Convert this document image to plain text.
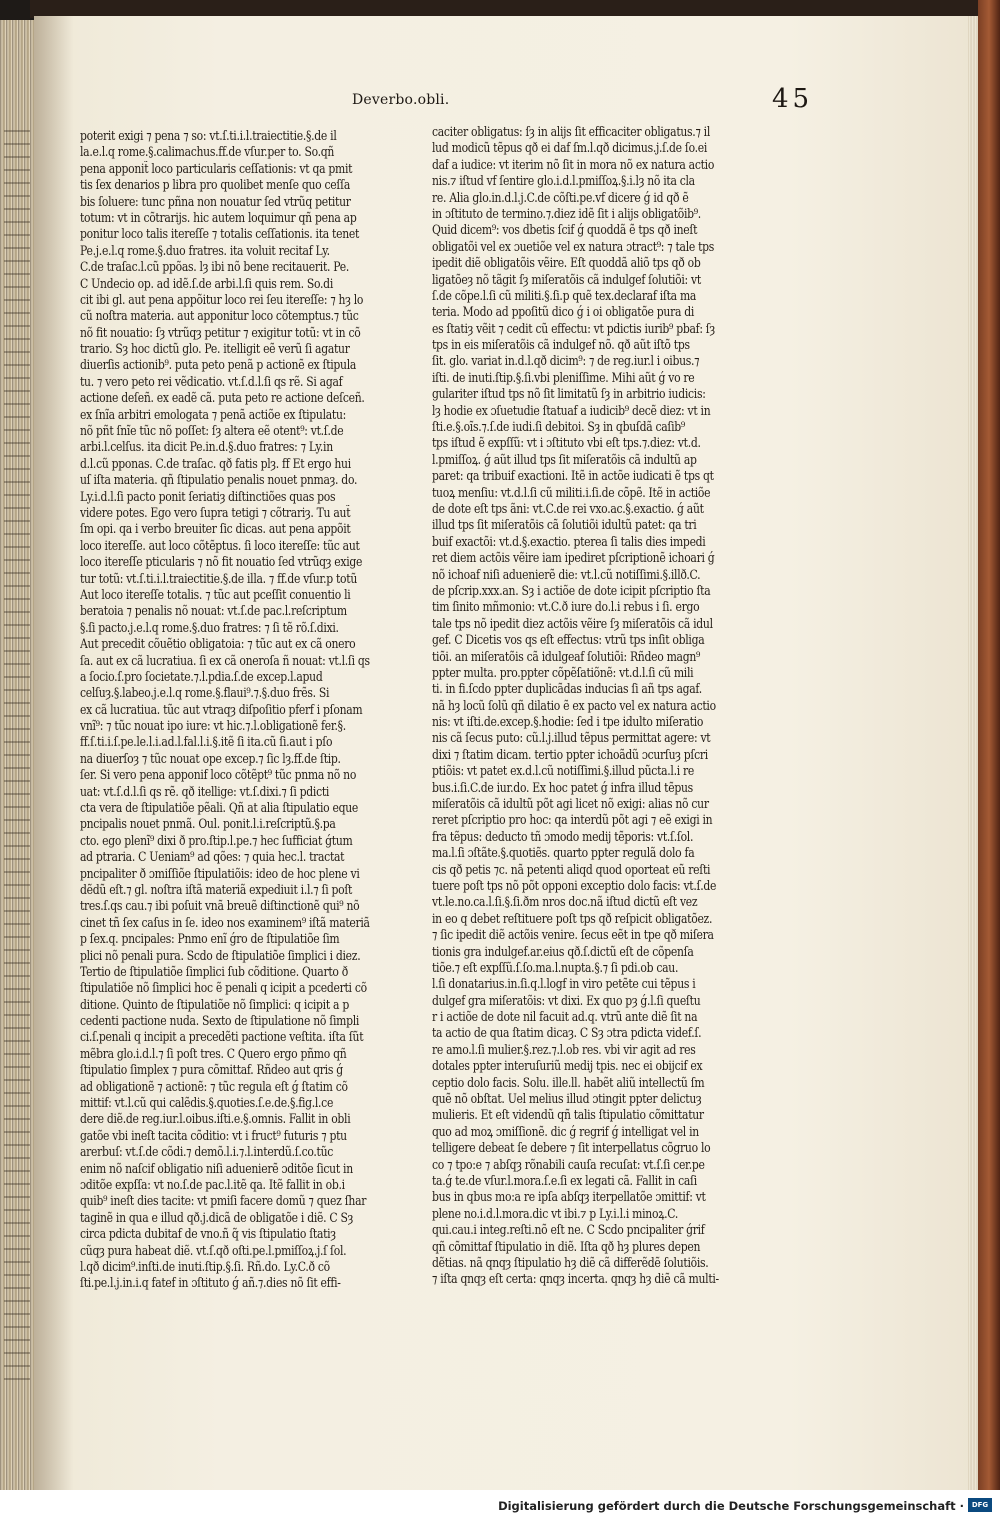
Deverbo.obli.	45
poterit exigi ⁊ pena ⁊ so: vt.ſ.ti.i.l.traiectitie.§.de il
la.e.l.q rome.§.calimachus.ff.de vſur.per to. So.qñ
pena apponit̃ loco particularis ceſſationis: vt qa pmit
tis ſex denarios p libra pro quolibet menſe quo ceſſa
bis ſoluere: tunc pñna non nouatur ſed vtrũq petitur
totum: vt in cõtrarijs. hic autem loquimur qñ pena ap
ponitur loco talis itereſſe ⁊ totalis ceſſationis. ita tenet
Pe.j.e.l.q rome.§.duo fratres. ita voluit recitaf Ly.
C.de traſac.l.cũ ppõas. lȝ ibi nõ bene recitauerit. Pe.
C Undecio op. ad idẽ.ſ.de arbi.l.ſi quis rem. So.di
cit ibi gl. aut pena appõitur loco rei ſeu itereſſe: ⁊ hȝ lo
cũ noſtra materia. aut apponitur loco cõtemptus.⁊ tũc
nõ fit nouatio: ſȝ vtrũqȝ petitur ⁊ exigitur totũ: vt in cõ
trario. Sȝ hoc dictũ glo. Pe. itelligit eẽ verũ ſi agatur
diuerſis actionib⁹. puta peto penã p actionẽ ex ſtipula
tu. ⁊ vero peto rei vẽdicatio. vt.ſ.d.l.ſi qs rẽ. Si agaf
actione deſeñ. ex eadẽ cã. puta peto re actione deſceñ.
ex ſnĩa arbitri emologata ⁊ penã actiõe ex ſtipulatu:
nõ pñt ſnĩe tũc nõ poſſet: ſȝ altera eẽ otent⁹: vt.ſ.de
arbi.l.celſus. ita dicit Pe.in.d.§.duo fratres: ⁊ Ly.in
d.l.cũ pponas. C.de traſac. qð fatis plȝ. ff Et ergo hui
uſ iſta materia. qñ ſtipulatio penalis nouet pnmaȝ. do.
Ly.i.d.l.ſi pacto ponit ſeriatiȝ diſtinctiões quas pos
videre potes. Ego vero ſupra tetigi ⁊ cõtrariȝ. Tu aut̃
ſm opi. qa i verbo breuiter ſic dicas. aut pena appõit
loco itereſſe. aut loco cõtẽptus. ſi loco itereſſe: tũc aut
loco itereſſe pticularis ⁊ nõ fit nouatio ſed vtrũqȝ exige
tur totũ: vt.ſ.ti.i.l.traiectitie.§.de illa. ⁊ ff.de vſur.p totũ
Aut loco itereſſe totalis. ⁊ tũc aut pceſſit conuentio li
beratoia ⁊ penalis nõ nouat: vt.ſ.de pac.l.reſcriptum
§.ſi pacto.j.e.l.q rome.§.duo fratres: ⁊ ſi tẽ rõ.ſ.dixi.
Aut precedit cõuẽtio obligatoia: ⁊ tũc aut ex cã onero
ſa. aut ex cã lucratiua. ſi ex cã oneroſa ñ nouat: vt.l.ſi qs
a ſocio.ſ.pro ſocietate.⁊.l.pdia.ſ.de excep.l.apud
celſuȝ.§.labeo.j.e.l.q rome.§.flaui⁹.⁊.§.duo frẽs. Si
ex cã lucratiua. tũc aut vtraqȝ diſpoſitio pferf i pſonam
vnĩ⁹: ⁊ tũc nouat ipo iure: vt hic.⁊.l.obligationẽ fer.§.
ff.ſ.ti.i.ſ.pe.le.l.i.ad.l.fal.l.i.§.itẽ ſi ita.cũ ſi.aut i pſo
na diuerſoȝ ⁊ tũc nouat ope excep.⁊ ſic lȝ.ff.de ſtip.
ſer. Si vero pena apponif loco cõtẽpt⁹ tũc pnma nõ no
uat: vt.ſ.d.l.ſi qs rẽ. qð itellige: vt.ſ.dixi.⁊ ſi pdicti
cta vera de ſtipulatiõe pẽali. Qñ at alia ſtipulatio eque
pncipalis nouet pnmã. Oul. ponit.l.i.reſcriptũ.§.pa
cto. ego plenĩ⁹ dixi ð pro.ſtip.l.pe.⁊ hec ſufficiat ǵtum
ad ptraria. C Ueniam⁹ ad qões: ⁊ quia hec.l. tractat
pncipaliter ð ɔmiſſiõe ſtipulatiõis: ideo de hoc plene vi
dẽdũ eſt.⁊ gl. noſtra iſtã materiã expediuit i.l.⁊ ſi poſt
tres.ſ.qs cau.⁊ ibi poſuit vnã breuẽ diſtinctionẽ qui⁹ nõ
cinet tñ ſex caſus in ſe. ideo nos examinem⁹ iſtã materiã
p ſex.q. pncipales: Pnmo enĩ ǵro de ſtipulatiõe ſim
plici nõ penali pura. Scdo de ſtipulatiõe ſimplici i diez.
Tertio de ſtipulatiõe ſimplici ſub cõditione. Quarto ð
ſtipulatiõe nõ ſimplici hoc ẽ penali q icipit a pcederti cõ
ditione. Quinto de ſtipulatiõe nõ ſimplici: q icipit a p
cedenti pactione nuda. Sexto de ſtipulatione nõ ſimpli
ci.ſ.penali q incipit a precedẽti pactione veſtita. iſta ſũt
mẽbra glo.i.d.l.⁊ ſi poſt tres. C Quero ergo pñmo qñ
ſtipulatio ſimplex ⁊ pura cõmittaf. Rñdeo aut qris ǵ
ad obligationẽ ⁊ actionẽ: ⁊ tũc regula eſt ǵ ſtatim cõ
mittif: vt.l.cũ qui calẽdis.§.quoties.ſ.e.de.§.fig.l.ce
dere diẽ.de reg.iur.l.oibus.iſti.e.§.omnis. Fallit in obli
gatõe vbi ineſt tacita cõditio: vt i fruct⁹ futuris ⁊ ptu
arerbuſ: vt.ſ.de cõdi.⁊ demõ.l.i.⁊.l.interdũ.ſ.co.tũc
enim nõ naſcif obligatio niſi aduenierẽ ɔditõe ſicut in
ɔditõe expſſa: vt no.ſ.de pac.l.itẽ qa. Itẽ fallit in ob.i
quib⁹ ineſt dies tacite: vt pmiſi facere domũ ⁊ quez ſhar
taginẽ in qua e illud qð.j.dicã de obligatõe i diẽ. C Sȝ
circa pdicta dubitaf de vno.ñ q̃ vis ſtipulatio ſtatiȝ
cũqȝ pura habeat diẽ. vt.ſ.qð oſti.pe.l.pmiſſoꝝ.j.ſ ſol.
l.qð dicim⁹.inſti.de inuti.ſtip.§.ſi. Rñ.do. Ly.C.ð cõ
ſti.pe.l.j.in.i.q fatef in ɔſtituto ǵ añ.⁊.dies nõ ſit effi-
caciter obligatus: ſȝ in alijs ſit efficaciter obligatus.⁊ il
lud modicũ tẽpus qð ei daf ſm.l.qð dicimus.j.ſ.de ſo.ei
daf a iudice: vt iterim nõ ſit in mora nõ ex natura actio
nis.⁊ iſtud vf ſentire glo.i.d.l.pmiſſoꝝ.§.i.lȝ nõ ita cla
re. Alia glo.in.d.l.j.C.de cõſti.pe.vf dicere ǵ id qð ẽ
in ɔſtituto de termino.⁊.diez idẽ ſit i alijs obligatõib⁹.
Quid dicem⁹: vos dbetis ſcif ǵ quoddã ẽ tps qð ineſt
obligatõi vel ex ɔuetiõe vel ex natura ɔtract⁹: ⁊ tale tps
ipedit diẽ obligatõis vẽire. Eſt quoddã aliõ tps qð ob
ligatõeȝ nõ tãgit ſȝ miſeratõis cã indulgef ſolutiõi: vt
ſ.de cõpe.l.ſi cũ militi.§.ſi.p quẽ tex.declaraf iſta ma
teria. Modo ad ppoſitũ dico ǵ i oi obligatõe pura di
es ſtatiȝ vẽit ⁊ cedit cũ effectu: vt pdictis iurib⁹ pbaf: ſȝ
tps in eis miſeratõis cã indulgef nõ. qð aũt iſtõ tps
ſit. glo. variat in.d.l.qð dicim⁹: ⁊ de reg.iur.l i oibus.⁊
iſti. de inuti.ſtip.§.ſi.vbi pleniſſime. Mihi aũt ǵ vo re
gulariter iſtud tps nõ ſit limitatũ ſȝ in arbitrio iudicis:
lȝ hodie ex ɔſuetudie ſtatuaf a iudicib⁹ decẽ diez: vt in
ſti.e.§.oĩs.⁊.ſ.de iudi.ſi debitoi. Sȝ in qbuſdã caſib⁹
tps iſtud ẽ expſſũ: vt i ɔſtituto vbi eſt tps.⁊.diez: vt.d.
l.pmiſſoꝝ. ǵ aũt illud tps ſit miſeratõis cã indultũ ap
paret: qa tribuif exactioni. Itẽ in actõe iudicati ẽ tps qt
tuoꝝ menſiu: vt.d.l.ſi cũ militi.i.ſi.de cõpẽ. Itẽ in actiõe
de dote eſt tps ãni: vt.C.de rei vxo.ac.§.exactio. ǵ aũt
illud tps ſit miſeratõis cã ſolutiõi idultũ patet: qa tri
buif exactõi: vt.d.§.exactio. pterea ſi talis dies impedi
ret diem actõis vẽire iam ipediret pſcriptionẽ ichoari ǵ
nõ ichoaf niſi aduenierẽ die: vt.l.cũ notiſſimi.§.illð.C.
de pſcrip.xxx.an. Sȝ i actiõe de dote icipit pſcriptio ſta
tim ſinito mñmonio: vt.C.ð iure do.l.i rebus i ſi. ergo
tale tps nõ ipedit diez actõis vẽire ſȝ miſeratõis cã idul
gef. C Dicetis vos qs eſt effectus: vtrũ tps inſit obliga
tiõi. an miſeratõis cã idulgeaf ſolutiõi: Rñdeo magn⁹
ppter multa. pro.ppter cõpẽſatiõnẽ: vt.d.l.ſi cũ mili
ti. in fi.ſcdo ppter duplicãdas inducias ſi añ tps agaf.
nã hȝ locũ ſolũ qñ dilatio ẽ ex pacto vel ex natura actio
nis: vt iſti.de.excep.§.hodie: ſed i tpe idulto miſeratio
nis cã ſecus puto: cũ.l.j.illud tẽpus permittat agere: vt
dixi ⁊ ſtatim dicam. tertio ppter ichoãdũ ɔcurſuȝ pſcri
ptiõis: vt patet ex.d.l.cũ notiſſimi.§.illud pũcta.l.i re
bus.i.ſi.C.de iur.do. Ex hoc patet ǵ infra illud tẽpus
miſeratõis cã idultũ põt agi licet nõ exigi: alias nõ cur
reret pſcriptio pro hoc: qa interdũ põt agi ⁊ eẽ exigi in
fra tẽpus: deducto tñ ɔmodo medij tẽporis: vt.ſ.ſol.
ma.l.ſi ɔſtãte.§.quotiẽs. quarto ppter regulã dolo fa
cis qð petis ⁊c. nã petenti aliqd quod oporteat eũ reſti
tuere poſt tps nõ põt opponi exceptio dolo facis: vt.ſ.de
vt.le.no.ca.l.ſi.§.ſi.ðm nros doc.nã iſtud dictũ eſt vez
in eo q debet reſtituere poſt tps qð reſpicit obligatõez.
⁊ ſic ipedit diẽ actõis venire. ſecus eẽt in tpe qð miſera
tionis gra indulgef.ar.eius qð.ſ.dictũ eſt de cõpenſa
tiõe.⁊ eſt expſſũ.ſ.ſo.ma.l.nupta.§.⁊ ſi pdi.ob cau.
l.ſi donatarius.in.ſi.q.l.logf in viro petẽte cui tẽpus i
dulgef gra miſeratõis: vt dixi. Ex quo pȝ ǵ.l.ſi queſtu
r i actiõe de dote nil facuit ad.q. vtrũ ante diẽ ſit na
ta actio de qua ſtatim dicaȝ. C Sȝ ɔtra pdicta videf.ſ.
re amo.l.ſi mulier.§.rez.⁊.l.ob res. vbi vir agit ad res
dotales ppter interuſuriũ medij tpis. nec ei obijcif ex
ceptio dolo facis. Solu. ille.ll. habẽt aliũ intellectũ ſm
quẽ nõ obſtat. Uel melius illud ɔtingit ppter delictuȝ
mulieris. Et eſt videndũ qñ talis ſtipulatio cõmittatur
quo ad moꝝ ɔmiſſionẽ. dic ǵ regrif ǵ intelligat vel in
telligere debeat ſe debere ⁊ ſit interpellatus cõgruo lo
co ⁊ tpo:e ⁊ abſqȝ rõnabili cauſa recuſat: vt.ſ.ſi cer.pe
ta.ǵ te.de vſur.l.mora.ſ.e.ſi ex legati cã. Fallit in caſi
bus in qbus mo:a re ipſa abſqȝ iterpellatõe ɔmittif: vt
plene no.i.d.l.mora.dic vt ibi.⁊ p Ly.i.l.i minoꝝ.C.
qui.cau.i integ.reſti.nõ eſt ne. C Scdo pncipaliter ǵrif
qñ cõmittaf ſtipulatio in diẽ. Iſta qð hȝ plures depen
dẽtias. nã qnqȝ ſtipulatio hȝ diẽ cã differẽdẽ ſolutiõis.
⁊ iſta qnqȝ eſt certa: qnqȝ incerta. qnqȝ hȝ diẽ cã multi-
Digitalisierung gefördert durch die Deutsche Forschungsgemeinschaft ·	DFG
